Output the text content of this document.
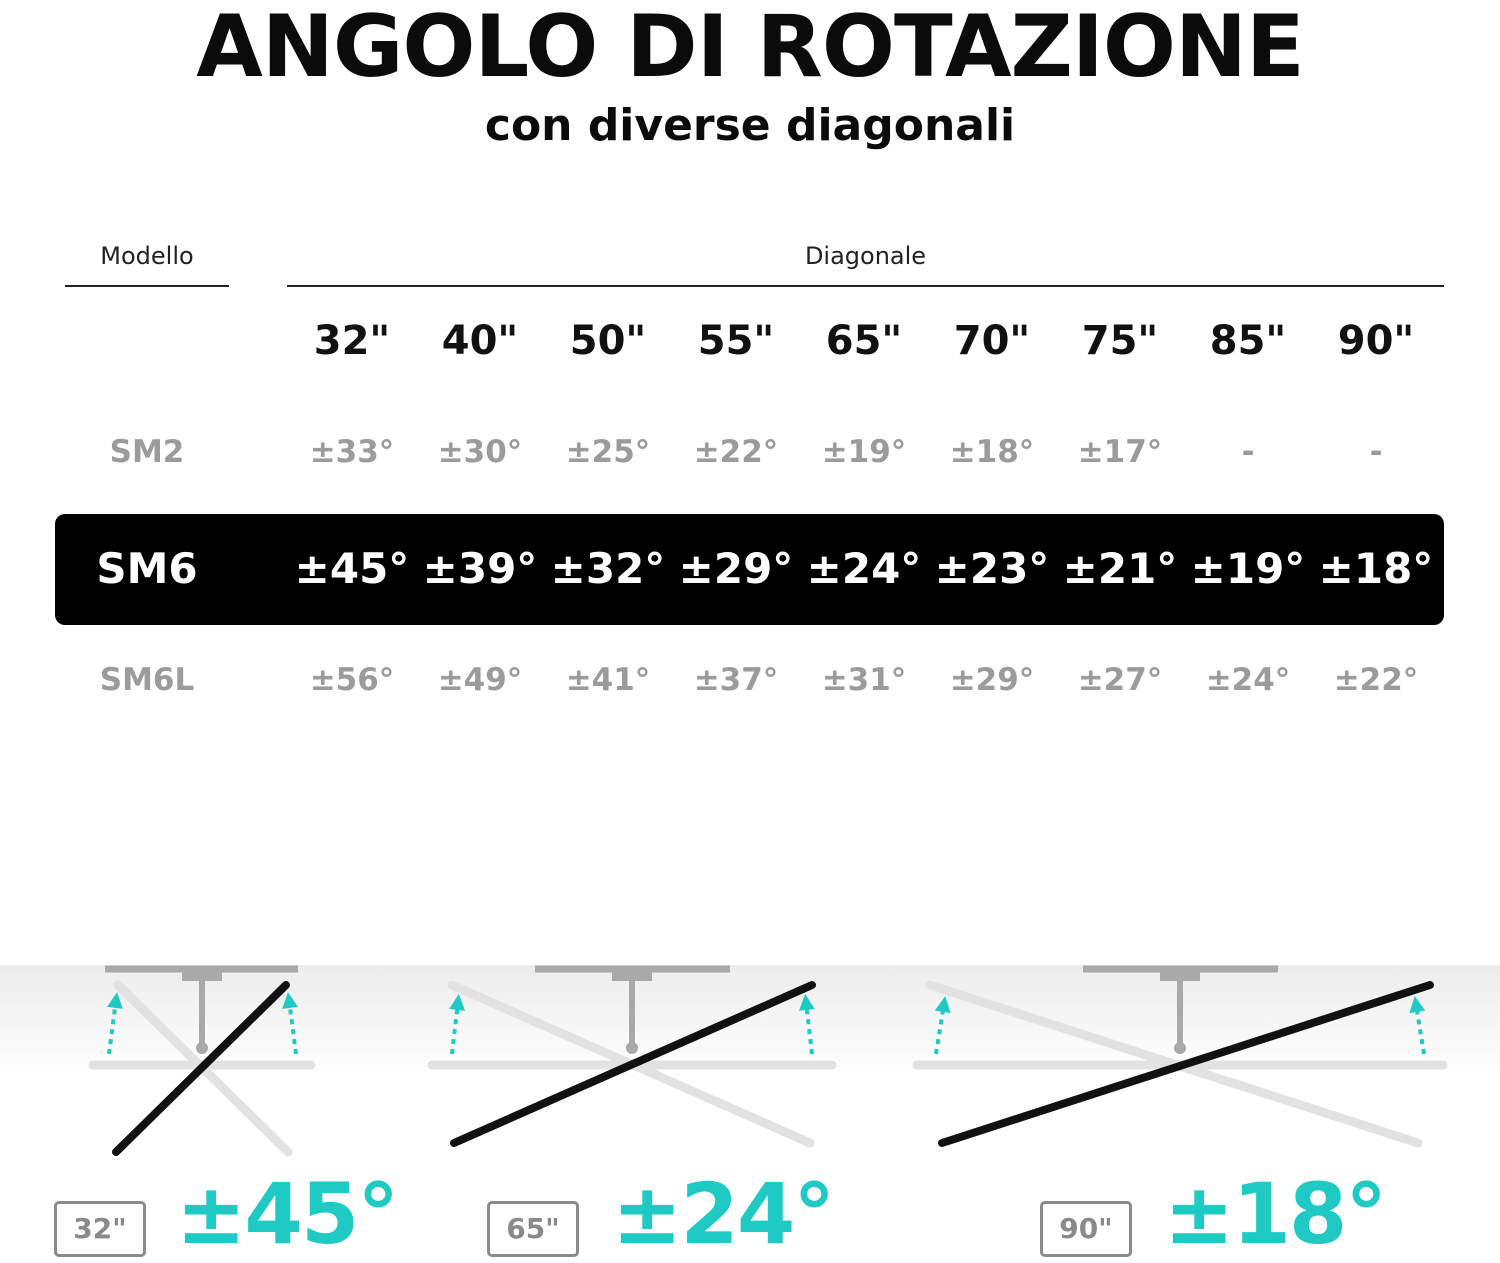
ANGOLO DI ROTAZIONE
con diverse diagonali
Modello	Diagonale
32"	40"	50"	55"	65"	70"	75"	85"	90"
SM2	±33°	±30°	±25°	±22°	±19°	±18°	±17°	-	-
SM6	±45° ±39° ±32° ±29° ±24° ±23° ±21° ±19° ±18°
SM6L	±56°	±49°	±41°	±37°	±31°	±29°	±27°	±24°	±22°
32" ±45°	65" ±24°	90" ±18°
